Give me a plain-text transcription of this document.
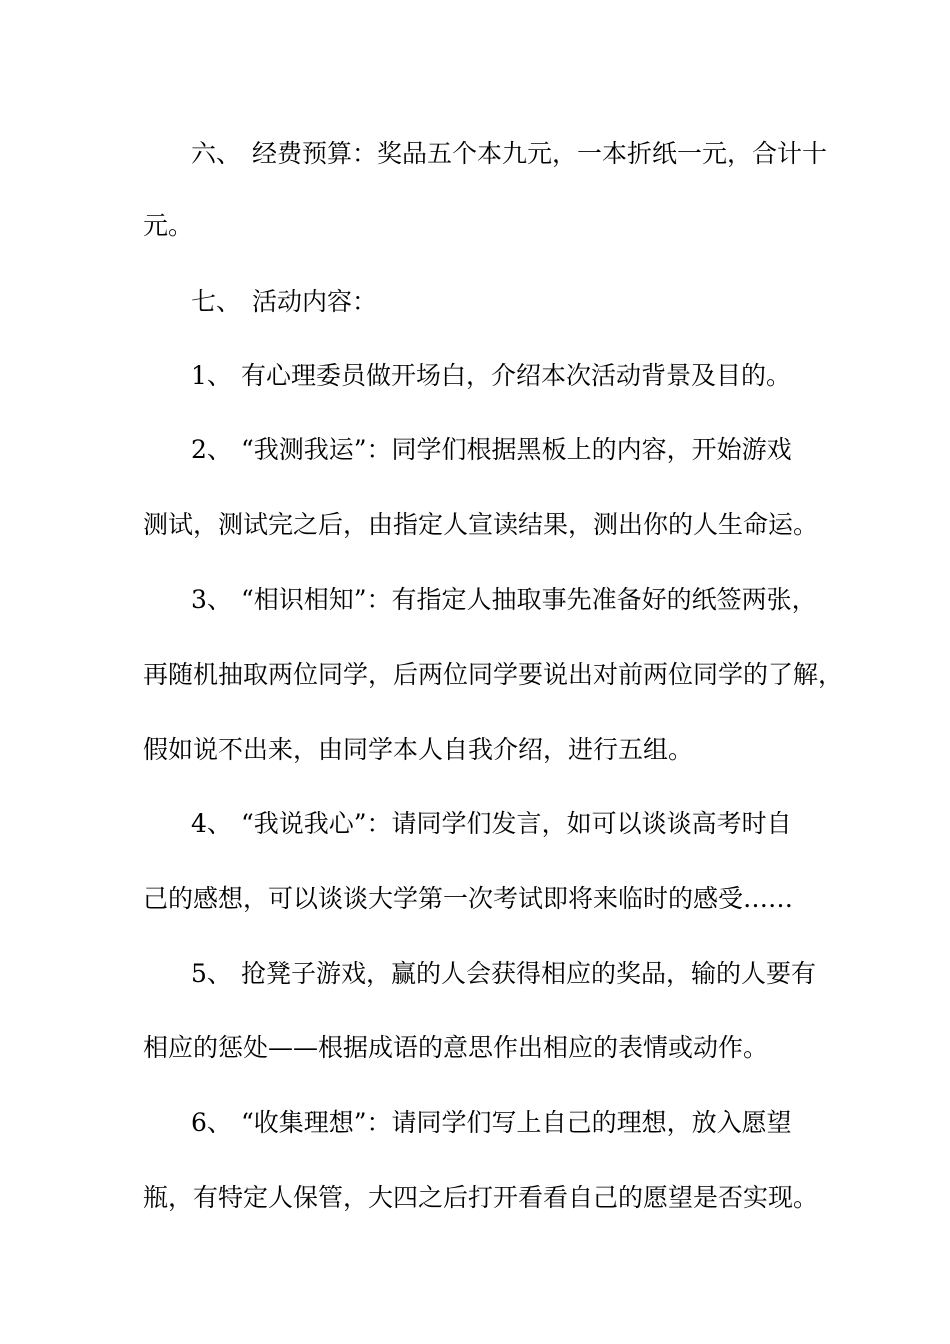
六、 经费预算：奖品五个本九元，一本折纸一元，合计十
元。
七、 活动内容：
1、 有心理委员做开场白，介绍本次活动背景及目的。
2、 “我测我运”：同学们根据黑板上的内容，开始游戏
测试，测试完之后，由指定人宣读结果，测出你的人生命运。
3、 “相识相知”：有指定人抽取事先准备好的纸签两张，
再随机抽取两位同学，后两位同学要说出对前两位同学的了解，
假如说不出来，由同学本人自我介绍，进行五组。
4、 “我说我心”：请同学们发言，如可以谈谈高考时自
己的感想，可以谈谈大学第一次考试即将来临时的感受……
5、 抢凳子游戏，赢的人会获得相应的奖品，输的人要有
相应的惩处——根据成语的意思作出相应的表情或动作。
6、 “收集理想”：请同学们写上自己的理想，放入愿望
瓶，有特定人保管，大四之后打开看看自己的愿望是否实现。
